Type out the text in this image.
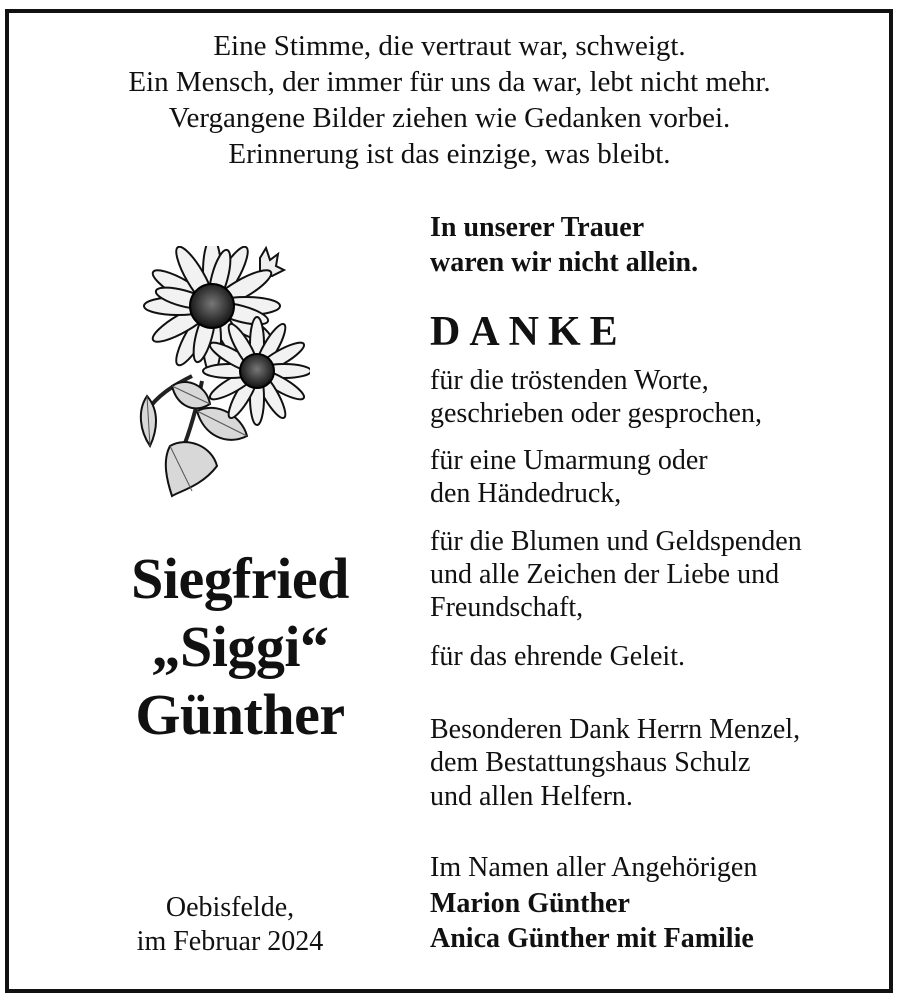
Eine Stimme, die vertraut war, schweigt.
Ein Mensch, der immer für uns da war, lebt nicht mehr.
Vergangene Bilder ziehen wie Gedanken vorbei.
Erinnerung ist das einzige, was bleibt.
Siegfried
„Siggi“
Günther
Oebisfelde,
im Februar 2024
In unserer Trauer
waren wir nicht allein.
DANKE
für die tröstenden Worte,
geschrieben oder gesprochen,
für eine Umarmung oder
den Händedruck,
für die Blumen und Geldspenden
und alle Zeichen der Liebe und
Freundschaft,
für das ehrende Geleit.
Besonderen Dank Herrn Menzel,
dem Bestattungshaus Schulz
und allen Helfern.
Im Namen aller Angehörigen
Marion Günther
Anica Günther mit Familie
